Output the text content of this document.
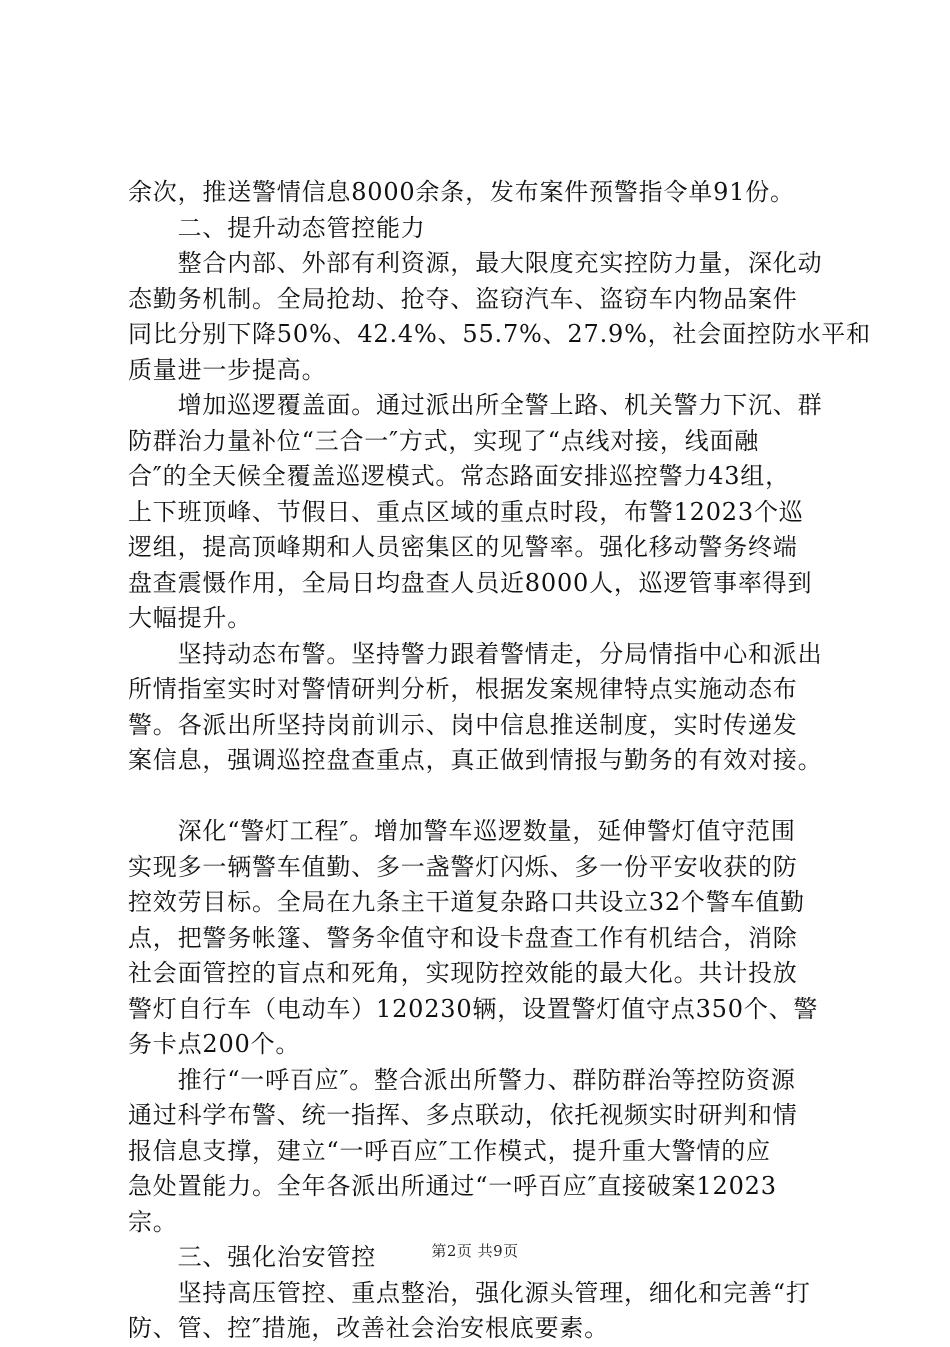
余次，推送警情信息8000余条，发布案件预警指令单91份。
　　二、提升动态管控能力
　　整合内部、外部有利资源，最大限度充实控防力量，深化动
态勤务机制。全局抢劫、抢夺、盗窃汽车、盗窃车内物品案件
同比分别下降50%、42.4%、55.7%、27.9%，社会面控防水平和
质量进一步提高。
　　增加巡逻覆盖面。通过派出所全警上路、机关警力下沉、群
防群治力量补位“三合一″方式，实现了“点线对接，线面融
合″的全天候全覆盖巡逻模式。常态路面安排巡控警力43组，
上下班顶峰、节假日、重点区域的重点时段，布警12023个巡
逻组，提高顶峰期和人员密集区的见警率。强化移动警务终端
盘查震慑作用，全局日均盘查人员近8000人，巡逻管事率得到
大幅提升。
　　坚持动态布警。坚持警力跟着警情走，分局情指中心和派出
所情指室实时对警情研判分析，根据发案规律特点实施动态布
警。各派出所坚持岗前训示、岗中信息推送制度，实时传递发
案信息，强调巡控盘查重点，真正做到情报与勤务的有效对接。
　　深化“警灯工程″。增加警车巡逻数量，延伸警灯值守范围
实现多一辆警车值勤、多一盏警灯闪烁、多一份平安收获的防
控效劳目标。全局在九条主干道复杂路口共设立32个警车值勤
点，把警务帐篷、警务伞值守和设卡盘查工作有机结合，消除
社会面管控的盲点和死角，实现防控效能的最大化。共计投放
警灯自行车（电动车）120230辆，设置警灯值守点350个、警
务卡点200个。
　　推行“一呼百应″。整合派出所警力、群防群治等控防资源
通过科学布警、统一指挥、多点联动，依托视频实时研判和情
报信息支撑，建立“一呼百应″工作模式，提升重大警情的应
急处置能力。全年各派出所通过“一呼百应″直接破案12023
宗。
　　三、强化治安管控
　　坚持高压管控、重点整治，强化源头管理，细化和完善“打
防、管、控″措施，改善社会治安根底要素。
第2页 共9页
